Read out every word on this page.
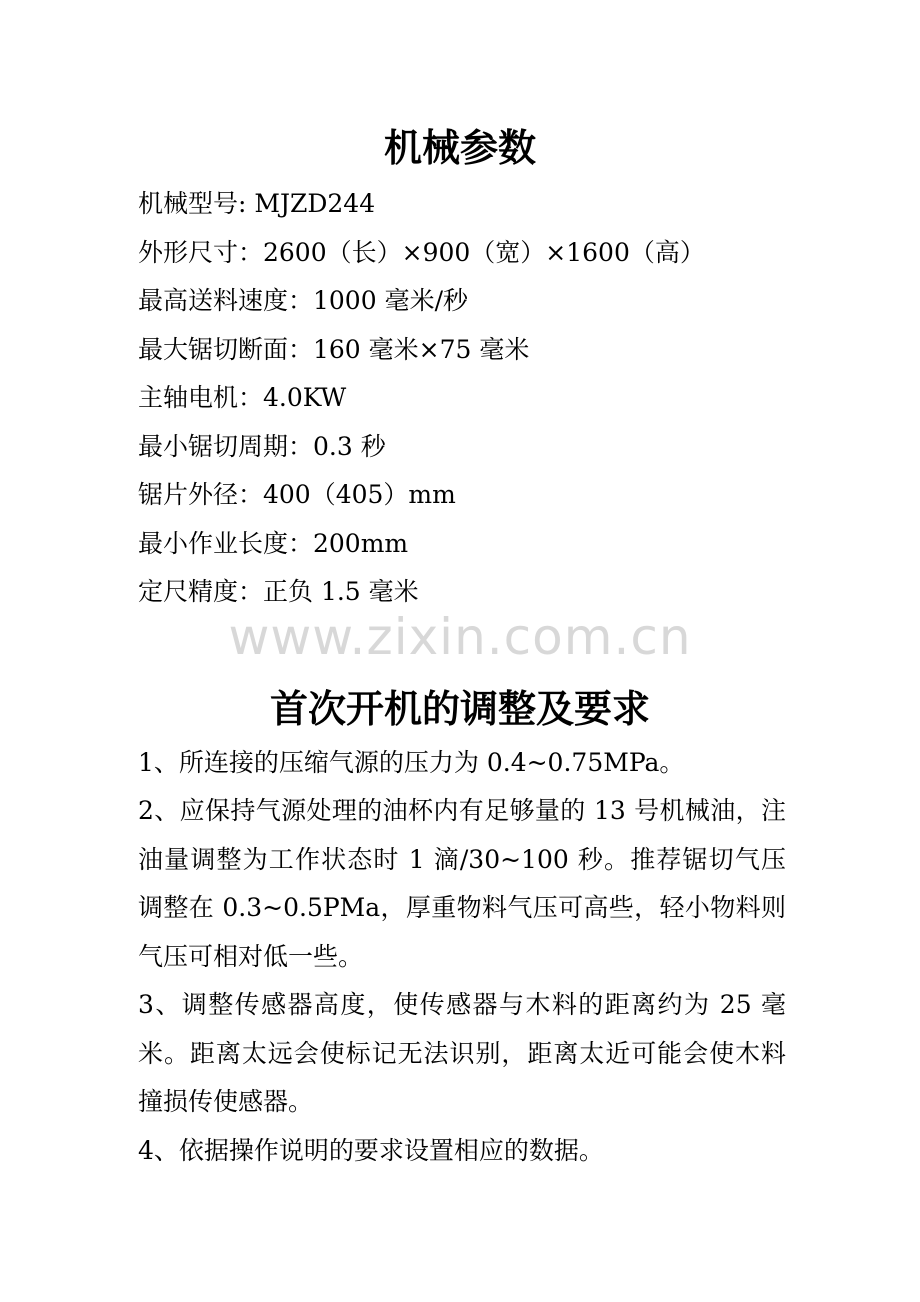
机械参数
机械型号: MJZD244
外形尺寸：2600（长）×900（宽）×1600（高）
最高送料速度：1000 毫米/秒
最大锯切断面：160 毫米×75 毫米
主轴电机：4.0KW
最小锯切周期：0.3 秒
锯片外径：400（405）mm
最小作业长度：200mm
定尺精度：正负 1.5 毫米
首次开机的调整及要求

1、所连接的压缩气源的压力为 0.4~0.75MPa。

2、应保持气源处理的油杯内有足够量的 13 号机械油，注油量调整为工作状态时 1 滴/30~100 秒。推荐锯切气压调整在 0.3~0.5PMa，厚重物料气压可高些，轻小物料则气压可相对低一些。

3、调整传感器高度，使传感器与木料的距离约为 25 毫米。距离太远会使标记无法识别，距离太近可能会使木料撞损传使感器。

4、依据操作说明的要求设置相应的数据。

www.zixin.com.cn
